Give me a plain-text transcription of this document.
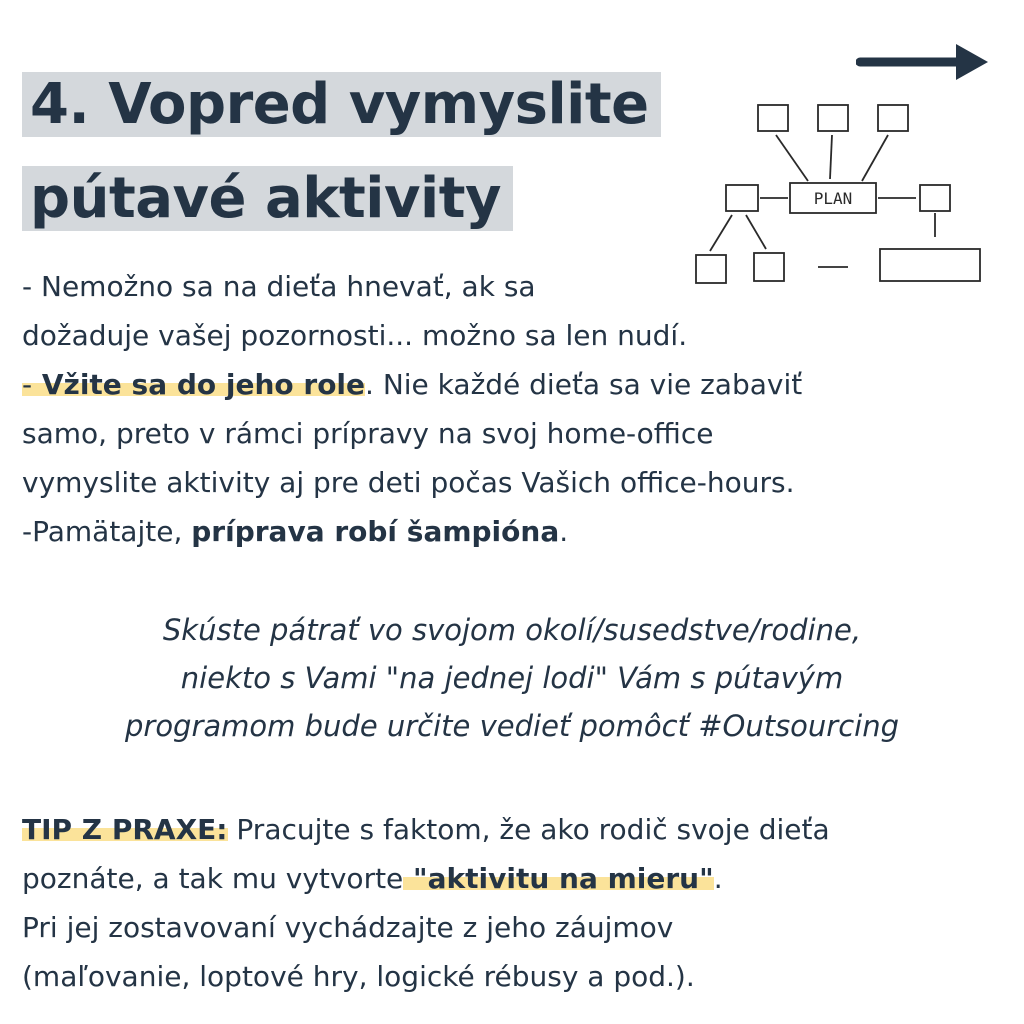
4. Vopred vymyslite
pútavé aktivity	PLAN

- Nemožno sa na dieťa hnevať, ak sa

dožaduje vašej pozornosti... možno sa len nudí.

- Vžite sa do jeho role. Nie každé dieťa sa vie zabaviť

samo, preto v rámci prípravy na svoj home-office

vymyslite aktivity aj pre deti počas Vašich office-hours.

-Pamätajte, príprava robí šampióna.

Skúste pátrať vo svojom okolí/susedstve/rodine,

niekto s Vami "na jednej lodi" Vám s pútavým

programom bude určite vedieť pomôcť #Outsourcing

TIP Z PRAXE: Pracujte s faktom, že ako rodič svoje dieťa

poznáte, a tak mu vytvorte "aktivitu na mieru".

Pri jej zostavovaní vychádzajte z jeho záujmov

(maľovanie, loptové hry, logické rébusy a pod.).
